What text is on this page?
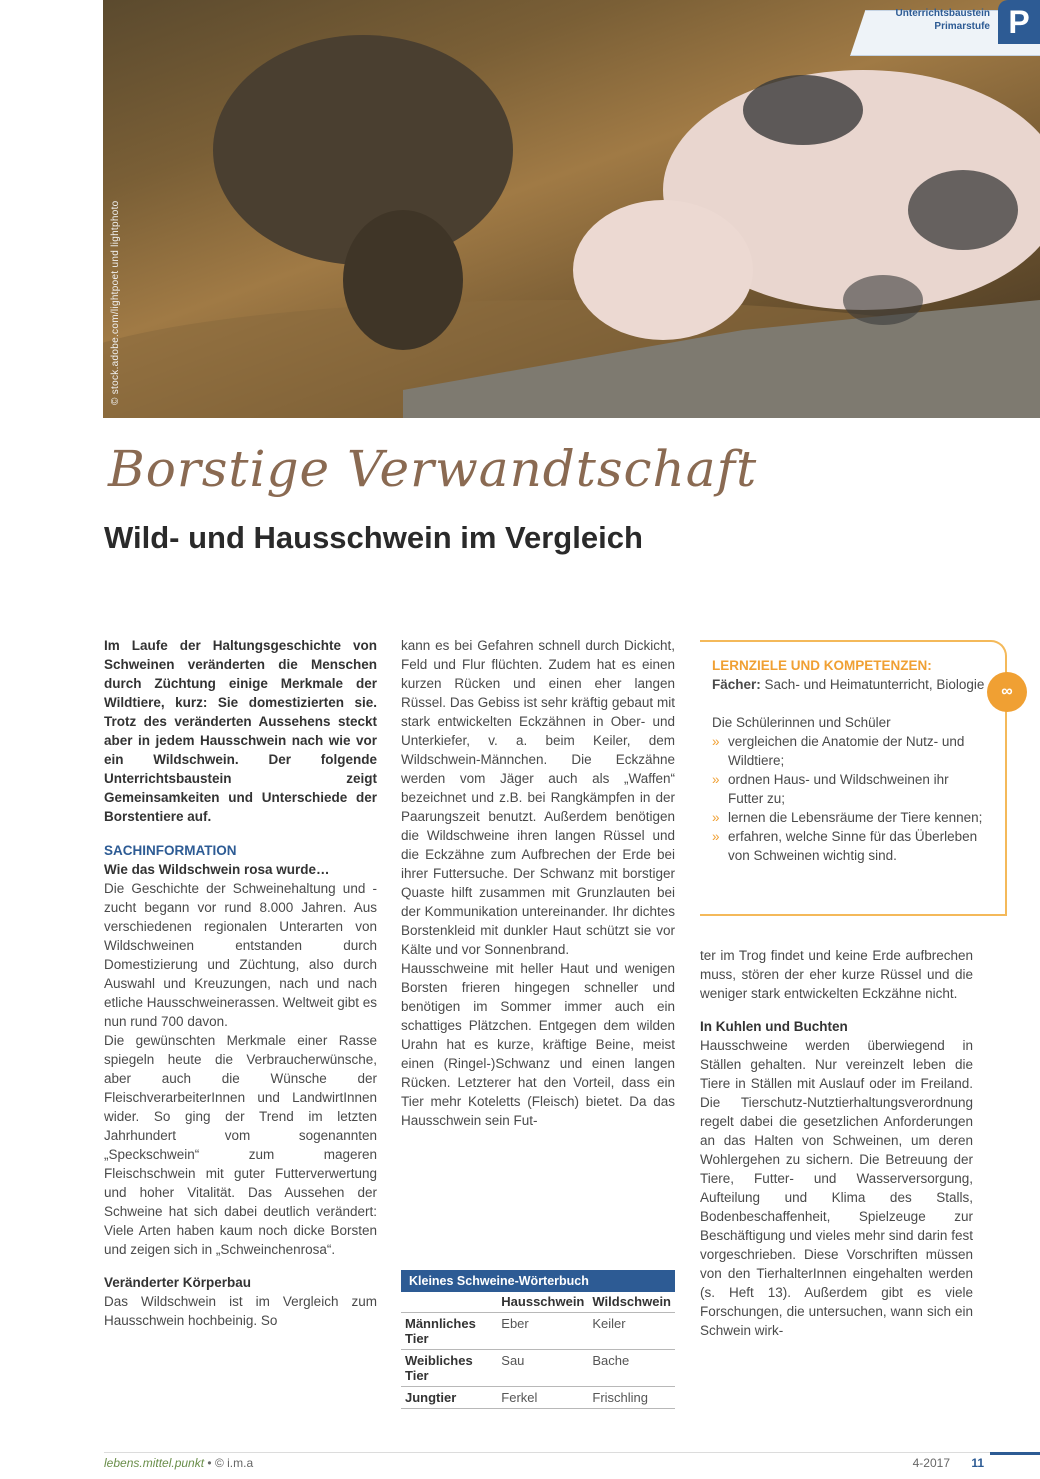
© stock.adobe.com/lightpoet und lightphoto
Unterrichtsbaustein
Primarstufe P
Borstige Verwandtschaft
Wild- und Hausschwein im Vergleich

Im Laufe der Haltungsgeschichte von Schweinen veränderten die Menschen durch Züchtung einige Merkmale der Wildtiere, kurz: Sie domestizierten sie. Trotz des veränderten Aussehens steckt aber in jedem Hausschwein nach wie vor ein Wildschwein. Der folgende Unterrichtsbaustein zeigt Gemeinsamkeiten und Unterschiede der Borstentiere auf.

SACHINFORMATION

Wie das Wildschwein rosa wurde…

Die Geschichte der Schweinehaltung und -zucht begann vor rund 8.000 Jahren. Aus verschiedenen regionalen Unterarten von Wildschweinen entstanden durch Domestizierung und Züchtung, also durch Auswahl und Kreuzungen, nach und nach etliche Hausschweinerassen. Weltweit gibt es nun rund 700 davon.

Die gewünschten Merkmale einer Rasse spiegeln heute die Verbraucherwünsche, aber auch die Wünsche der FleischverarbeiterInnen und LandwirtInnen wider. So ging der Trend im letzten Jahrhundert vom sogenannten „Speckschwein“ zum mageren Fleischschwein mit guter Futterverwertung und hoher Vitalität. Das Aussehen der Schweine hat sich dabei deutlich verändert: Viele Arten haben kaum noch dicke Borsten und zeigen sich in „Schweinchenrosa“.

Veränderter Körperbau

Das Wildschwein ist im Vergleich zum Hausschwein hochbeinig. So

kann es bei Gefahren schnell durch Dickicht, Feld und Flur flüchten. Zudem hat es einen kurzen Rücken und einen eher langen Rüssel. Das Gebiss ist sehr kräftig gebaut mit stark entwickelten Eckzähnen in Ober- und Unterkiefer, v. a. beim Keiler, dem Wildschwein-Männchen. Die Eckzähne werden vom Jäger auch als „Waffen“ bezeichnet und z.B. bei Rangkämpfen in der Paarungszeit benutzt. Außerdem benötigen die Wildschweine ihren langen Rüssel und die Eckzähne zum Aufbrechen der Erde bei ihrer Futtersuche. Der Schwanz mit borstiger Quaste hilft zusammen mit Grunzlauten bei der Kommunikation untereinander. Ihr dichtes Borstenkleid mit dunkler Haut schützt sie vor Kälte und vor Sonnenbrand.

Hausschweine mit heller Haut und wenigen Borsten frieren hingegen schneller und benötigen im Sommer immer auch ein schattiges Plätzchen. Entgegen dem wilden Urahn hat es kurze, kräftige Beine, meist einen (Ringel-)Schwanz und einen langen Rücken. Letzterer hat den Vorteil, dass ein Tier mehr Koteletts (Fleisch) bietet. Da das Hausschwein sein Fut-

LERNZIELE UND KOMPETENZEN:
Fächer: Sach- und Heimatunterricht, Biologie
Die Schülerinnen und Schüler
» vergleichen die Anatomie der Nutz- und Wildtiere;
» ordnen Haus- und Wildschweinen ihr Futter zu;
» lernen die Lebensräume der Tiere kennen;
» erfahren, welche Sinne für das Überleben von Schweinen wichtig sind.
∞

ter im Trog findet und keine Erde aufbrechen muss, stören der eher kurze Rüssel und die weniger stark entwickelten Eckzähne nicht.

In Kuhlen und Buchten

Hausschweine werden überwiegend in Ställen gehalten. Nur vereinzelt leben die Tiere in Ställen mit Auslauf oder im Freiland. Die Tierschutz-Nutztierhaltungsverordnung regelt dabei die gesetzlichen Anforderungen an das Halten von Schweinen, um deren Wohlergehen zu sichern. Die Betreuung der Tiere, Futter- und Wasserversorgung, Aufteilung und Klima des Stalls, Bodenbeschaffenheit, Spielzeuge zur Beschäftigung und vieles mehr sind darin fest vorgeschrieben. Diese Vorschriften müssen von den TierhalterInnen eingehalten werden (s. Heft 13). Außerdem gibt es viele Forschungen, die untersuchen, wann sich ein Schwein wirk-

Kleines Schweine-Wörterbuch
	Hausschwein	Wildschwein
Männliches Tier	Eber	Keiler
Weibliches Tier	Sau	Bache
Jungtier	Ferkel	Frischling
lebens.mittel.punkt • © i.m.a	4-2017 11
